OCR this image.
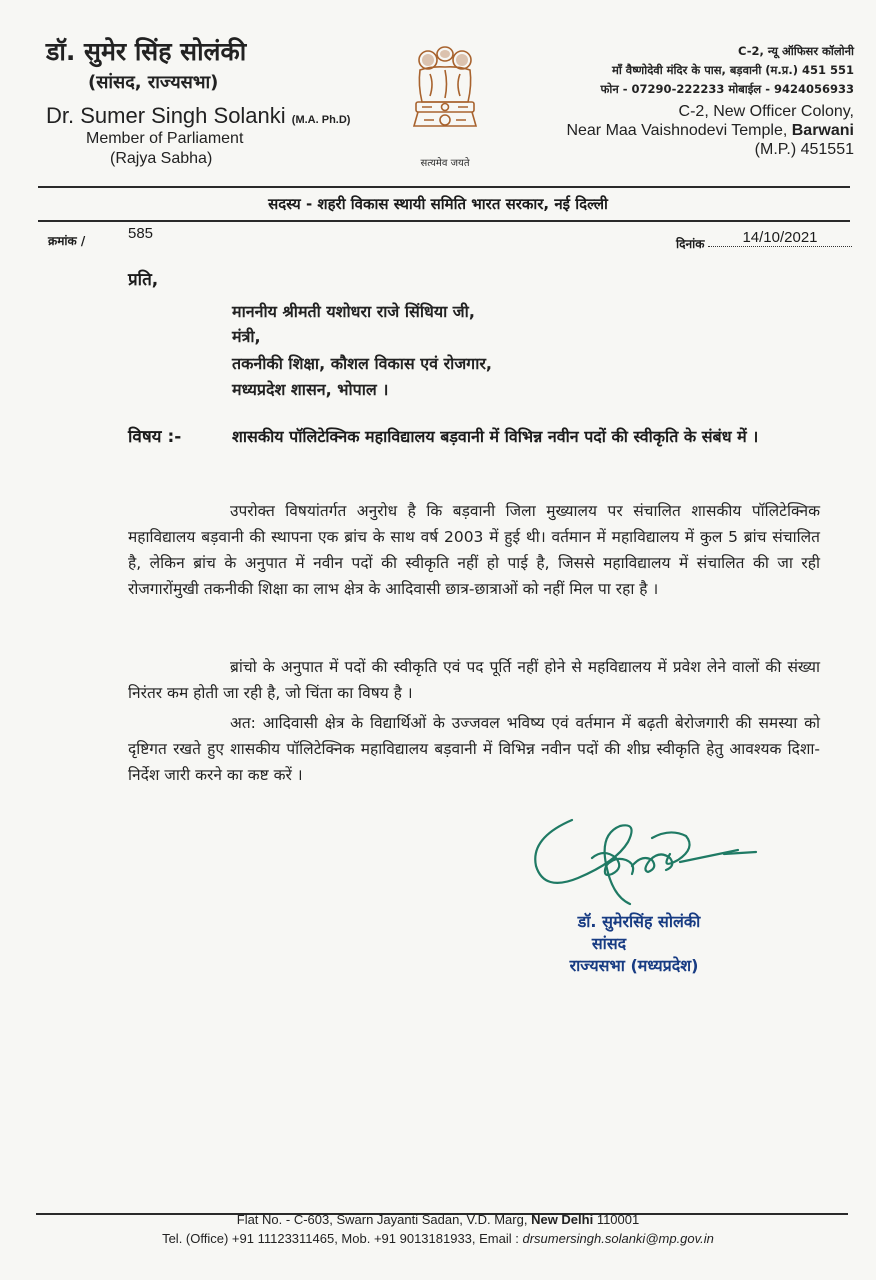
डॉ. सुमेर सिंह सोलंकी
(सांसद, राज्यसभा)
Dr. Sumer Singh Solanki (M.A. Ph.D)
Member of Parliament
(Rajya Sabha)	सत्यमेव जयते
C-2, न्यू ऑफिसर कॉलोनी
माँ वैष्णोदेवी मंदिर के पास, बड़वानी (म.प्र.) 451 551
फोन - 07290-222233 मोबाईल - 9424056933
C-2, New Officer Colony,
Near Maa Vaishnodevi Temple, Barwani
(M.P.) 451551
सदस्य - शहरी विकास स्थायी समिति भारत सरकार, नई दिल्ली
क्रमांक /	585
दिनांक	14/10/2021
प्रति,
माननीय श्रीमती यशोधरा राजे सिंधिया जी,
मंत्री,
तकनीकी शिक्षा, कौशल विकास एवं रोजगार,
मध्यप्रदेश शासन, भोपाल ।
विषय :-	शासकीय पॉलिटेक्निक महाविद्यालय बड़वानी में विभिन्न नवीन पदों की स्वीकृति के संबंध में ।
उपरोक्त विषयांतर्गत अनुरोध है कि बड़वानी जिला मुख्यालय पर संचालित शासकीय पॉलिटेक्निक महाविद्यालय बड़वानी की स्थापना एक ब्रांच के साथ वर्ष 2003 में हुई थी। वर्तमान में महाविद्यालय में कुल 5 ब्रांच संचालित है, लेकिन ब्रांच के अनुपात में नवीन पदों की स्वीकृति नहीं हो पाई है, जिससे महाविद्यालय में संचालित की जा रही रोजगारोंमुखी तकनीकी शिक्षा का लाभ क्षेत्र के आदिवासी छात्र-छात्राओं को नहीं मिल पा रहा है ।
ब्रांचो के अनुपात में पदों की स्वीकृति एवं पद पूर्ति नहीं होने से महविद्यालय में प्रवेश लेने वालों की संख्या निरंतर कम होती जा रही है, जो चिंता का विषय है ।
अत: आदिवासी क्षेत्र के विद्यार्थिओं के उज्जवल भविष्य एवं वर्तमान में बढ़ती बेरोजगारी की समस्या को दृष्टिगत रखते हुए शासकीय पॉलिटेक्निक महाविद्यालय बड़वानी में विभिन्न नवीन पदों की शीघ्र स्वीकृति हेतु आवश्यक दिशा-निर्देश जारी करने का कष्ट करें ।
डॉ. सुमेरसिंह सोलंकी
सांसद
राज्यसभा (मध्यप्रदेश)
Flat No. - C-603, Swarn Jayanti Sadan, V.D. Marg, New Delhi 110001
Tel. (Office) +91 11123311465, Mob. +91 9013181933, Email : drsumersingh.solanki@mp.gov.in
